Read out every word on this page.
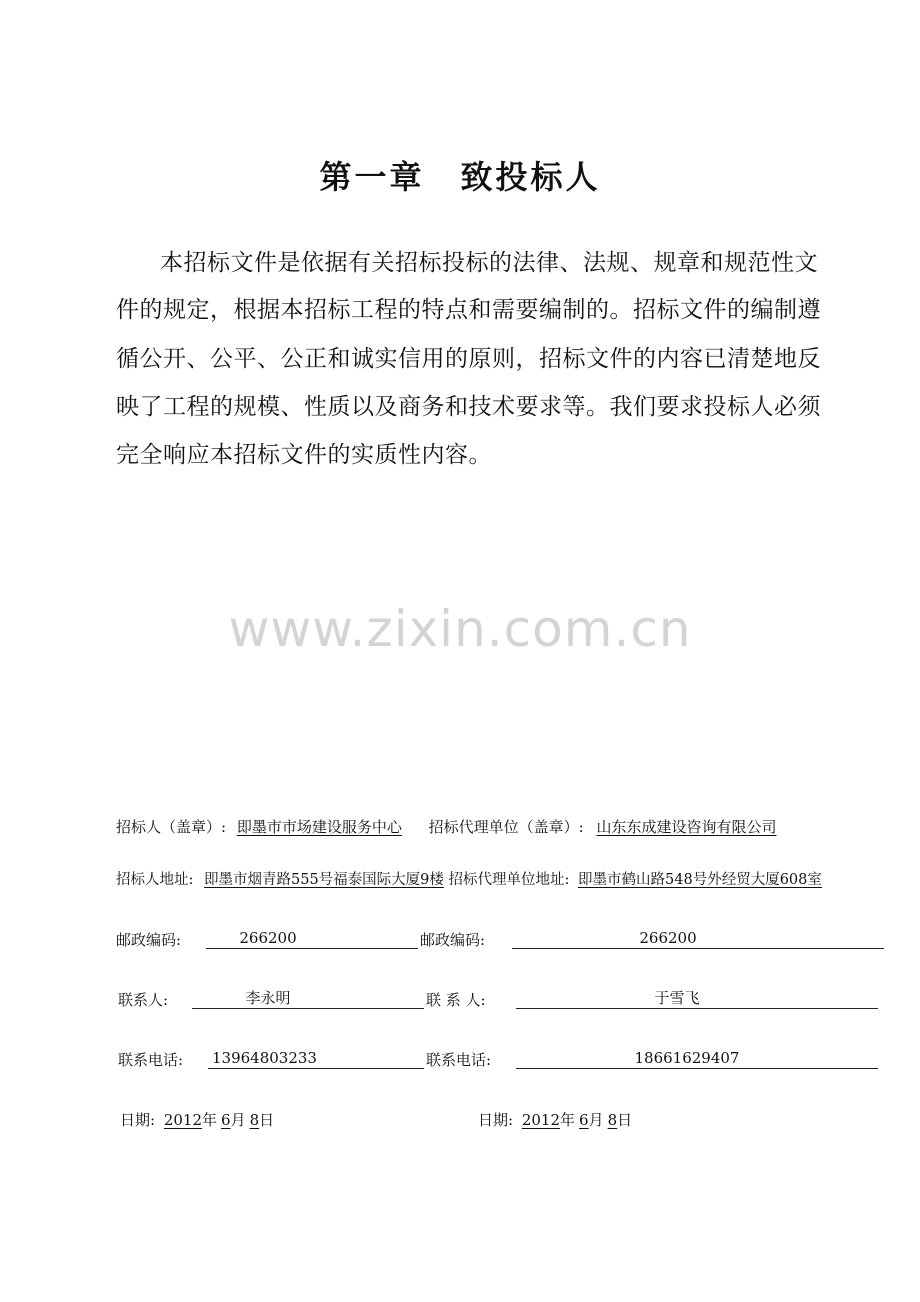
第一章 致投标人
本招标文件是依据有关招标投标的法律、法规、规章和规范性文
件的规定，根据本招标工程的特点和需要编制的。招标文件的编制遵
循公开、公平、公正和诚实信用的原则，招标文件的内容已清楚地反
映了工程的规模、性质以及商务和技术要求等。我们要求投标人必须
完全响应本招标文件的实质性内容。
www.zixin.com.cn
招标人（盖章）: 即墨市市场建设服务中心 招标代理单位（盖章）: 山东东成建设咨询有限公司
招标人地址: 即墨市烟青路555号福泰国际大厦9楼 招标代理单位地址: 即墨市鹤山路548号外经贸大厦608室
邮政编码:	266200	邮政编码:	266200
联系人:	李永明	联 系 人:	于雪飞
联系电话: 13964803233	联系电话:	18661629407
日期: 2012年 6月 8日	日期: 2012年 6月 8日
